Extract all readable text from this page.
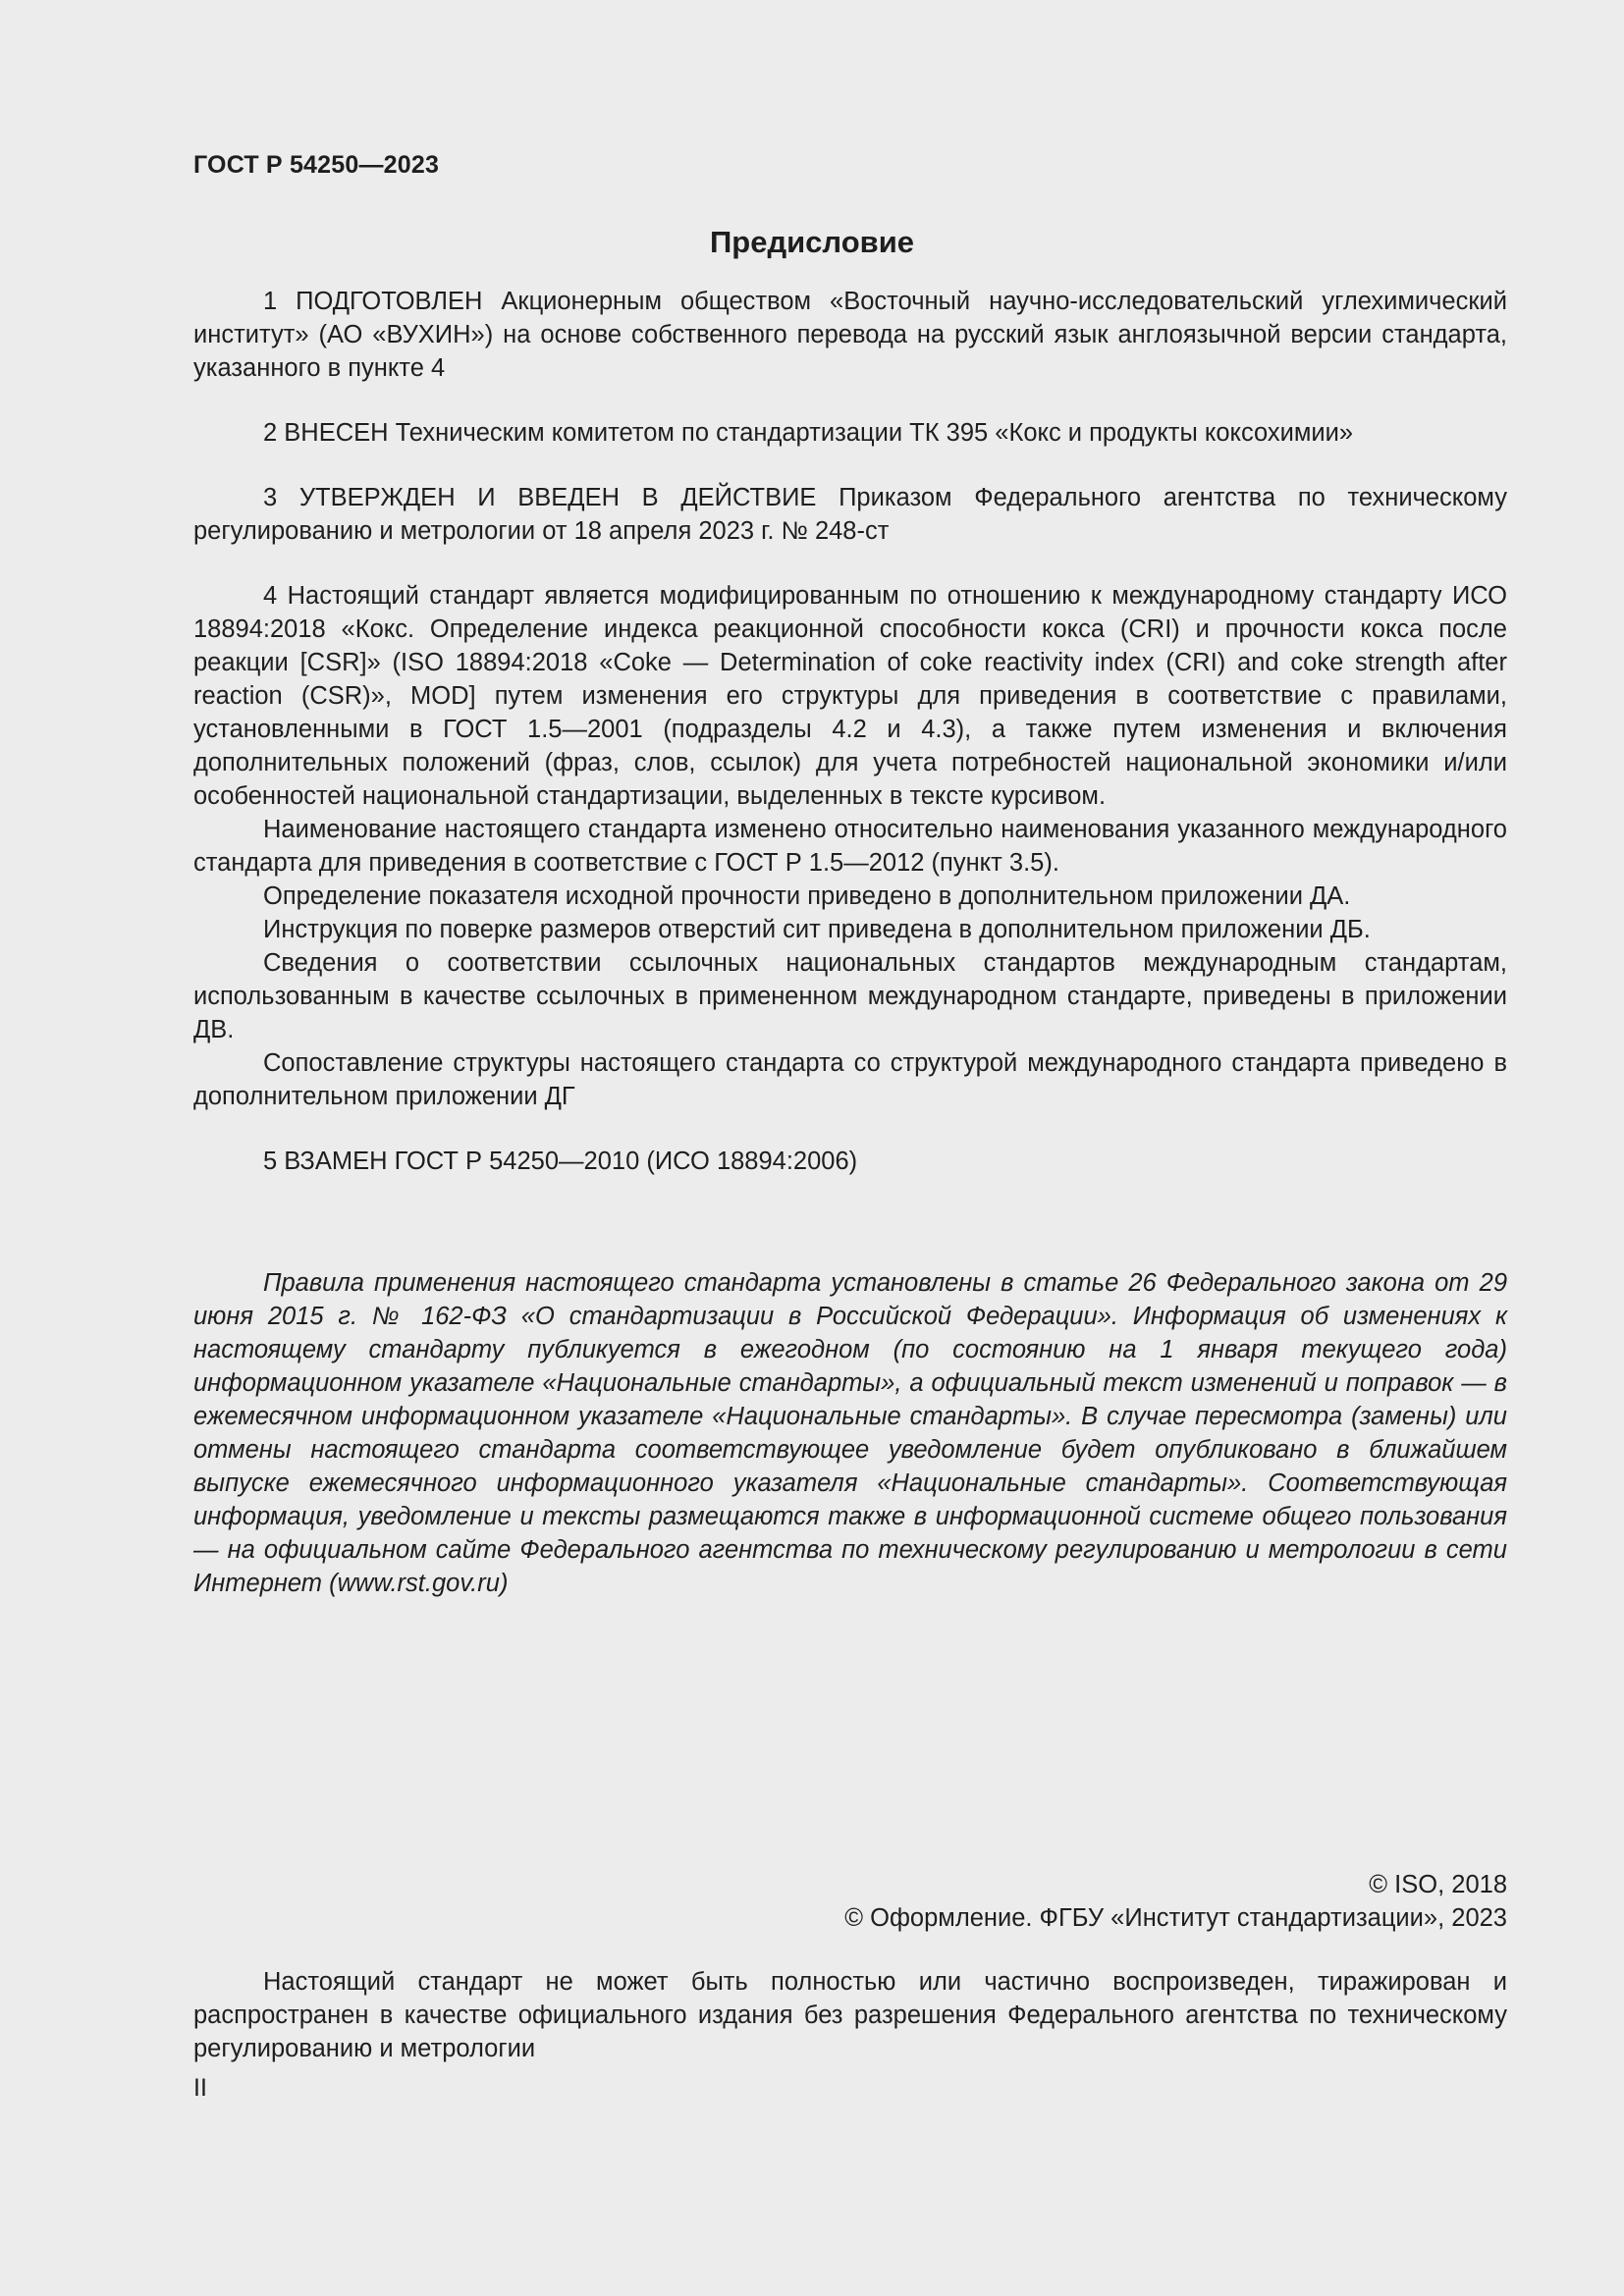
ГОСТ Р 54250—2023
Предисловие

1 ПОДГОТОВЛЕН Акционерным обществом «Восточный научно-исследовательский углехимический институт» (АО «ВУХИН») на основе собственного перевода на русский язык англоязычной версии стандарта, указанного в пункте 4

2 ВНЕСЕН Техническим комитетом по стандартизации ТК 395 «Кокс и продукты коксохимии»

3 УТВЕРЖДЕН И ВВЕДЕН В ДЕЙСТВИЕ Приказом Федерального агентства по техническому регулированию и метрологии от 18 апреля 2023 г. № 248-ст

4 Настоящий стандарт является модифицированным по отношению к международному стандарту ИСО 18894:2018 «Кокс. Определение индекса реакционной способности кокса (CRI) и прочности кокса после реакции [CSR]» (ISO 18894:2018 «Coke — Determination of coke reactivity index (CRI) and coke strength after reaction (CSR)», MOD] путем изменения его структуры для приведения в соответствие с правилами, установленными в ГОСТ 1.5—2001 (подразделы 4.2 и 4.3), а также путем изменения и включения дополнительных положений (фраз, слов, ссылок) для учета потребностей национальной экономики и/или особенностей национальной стандартизации, выделенных в тексте курсивом.

Наименование настоящего стандарта изменено относительно наименования указанного международного стандарта для приведения в соответствие с ГОСТ Р 1.5—2012 (пункт 3.5).

Определение показателя исходной прочности приведено в дополнительном приложении ДА.

Инструкция по поверке размеров отверстий сит приведена в дополнительном приложении ДБ.

Сведения о соответствии ссылочных национальных стандартов международным стандартам, использованным в качестве ссылочных в примененном международном стандарте, приведены в приложении ДВ.

Сопоставление структуры настоящего стандарта со структурой международного стандарта приведено в дополнительном приложении ДГ

5 ВЗАМЕН ГОСТ Р 54250—2010 (ИСО 18894:2006)

Правила применения настоящего стандарта установлены в статье 26 Федерального закона от 29 июня 2015 г. № 162-ФЗ «О стандартизации в Российской Федерации». Информация об изменениях к настоящему стандарту публикуется в ежегодном (по состоянию на 1 января текущего года) информационном указателе «Национальные стандарты», а официальный текст изменений и поправок — в ежемесячном информационном указателе «Национальные стандарты». В случае пересмотра (замены) или отмены настоящего стандарта соответствующее уведомление будет опубликовано в ближайшем выпуске ежемесячного информационного указателя «Национальные стандарты». Соответствующая информация, уведомление и тексты размещаются также в информационной системе общего пользования — на официальном сайте Федерального агентства по техническому регулированию и метрологии в сети Интернет (www.rst.gov.ru)

© ISO, 2018

© Оформление. ФГБУ «Институт стандартизации», 2023

Настоящий стандарт не может быть полностью или частично воспроизведен, тиражирован и распространен в качестве официального издания без разрешения Федерального агентства по техническому регулированию и метрологии

II
